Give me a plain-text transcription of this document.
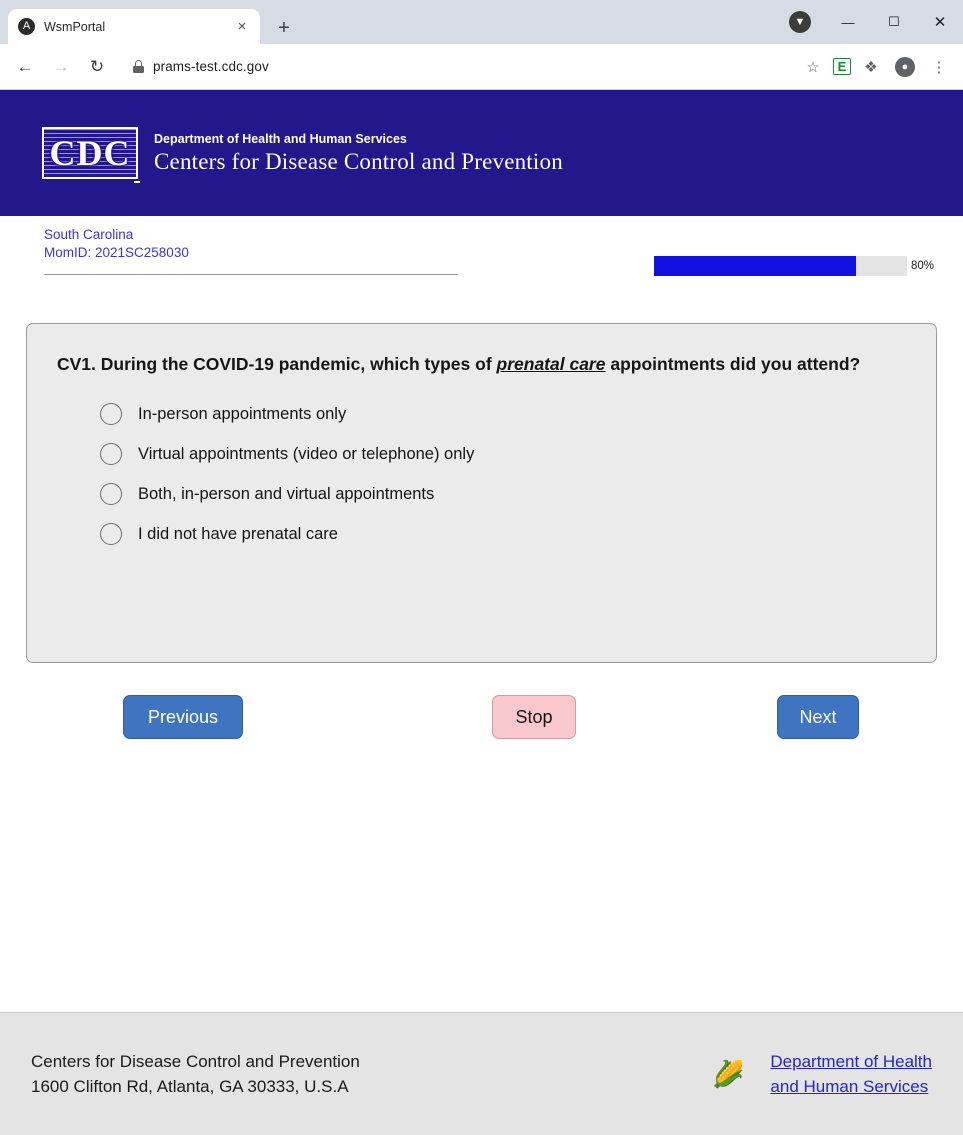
A	WsmPortal	× +	▼	—	☐	✕
←	→	↻	prams-test.cdc.gov	☆	E	❖	●	⋮
CDC Department of Health and Human Services
Centers for Disease Control and Prevention
South Carolina
MomID: 2021SC258030
80%
CV1. During the COVID-19 pandemic, which types of prenatal care appointments did you attend?
In-person appointments only
Virtual appointments (video or telephone) only
Both, in-person and virtual appointments
I did not have prenatal care
Previous	Stop	Next
Centers for Disease Control and Prevention
1600 Clifton Rd, Atlanta, GA 30333, U.S.A	🌽 Department of Health
and Human Services
